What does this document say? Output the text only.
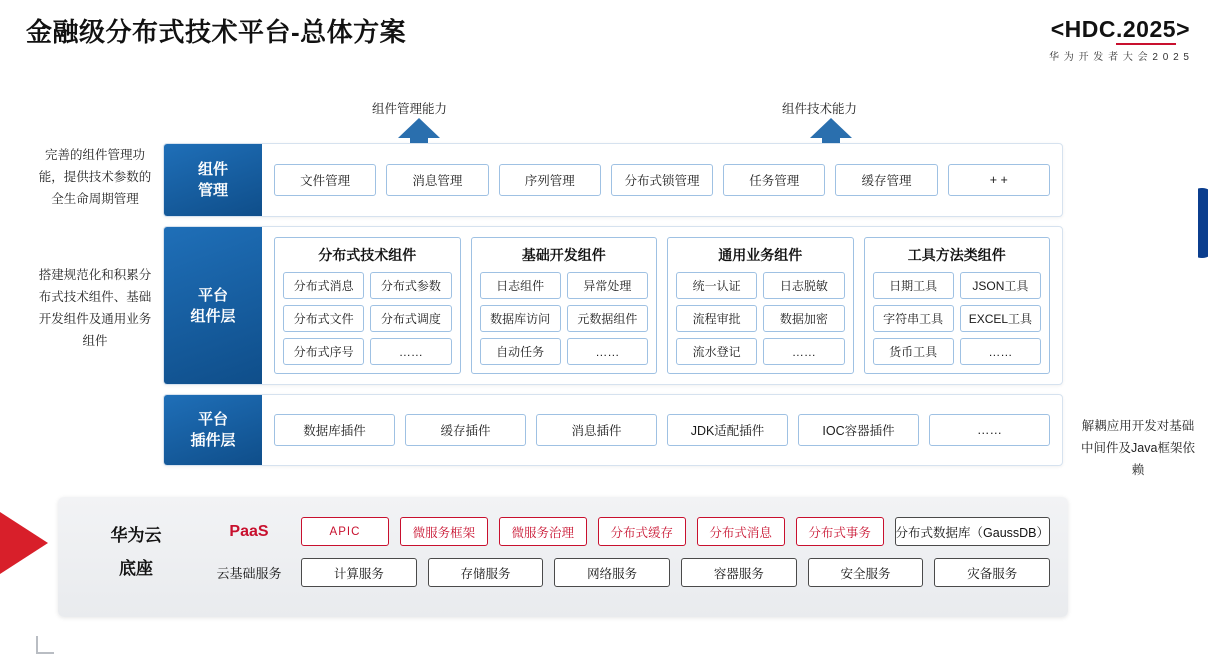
金融级分布式技术平台-总体方案	<HDC.2025>
华 为 开 发 者 大 会 2 0 2 5
组件管理能力	组件技术能力
完善的组件管理功能，提供技术参数的全生命周期管理
搭建规范化和积累分布式技术组件、基础开发组件及通用业务组件
解耦应用开发对基础中间件及Java框架依赖
组件
管理
文件管理	消息管理	序列管理	分布式锁管理	任务管理	缓存管理	+ +
平台
组件层
分布式技术组件
分布式消息	分布式参数
分布式文件	分布式调度
分布式序号	……
基础开发组件
日志组件	异常处理
数据库访问	元数据组件
自动任务	……
通用业务组件
统一认证	日志脱敏
流程审批	数据加密
流水登记	……
工具方法类组件
日期工具	JSON工具
字符串工具	EXCEL工具
货币工具	……
平台
插件层
数据库插件	缓存插件	消息插件	JDK适配插件	IOC容器插件	……
华为云
底座
PaaS	APIC	微服务框架	微服务治理	分布式缓存	分布式消息	分布式事务	分布式数据库（GaussDB）
云基础服务	计算服务	存储服务	网络服务	容器服务	安全服务	灾备服务
